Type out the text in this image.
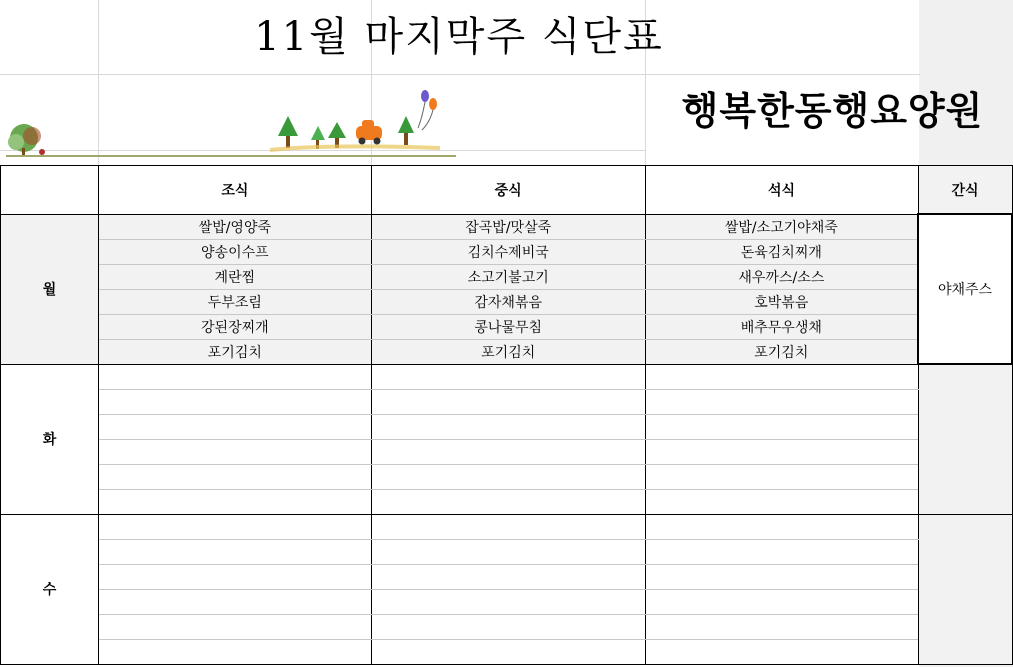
11월 마지막주 식단표
행복한동행요양원
	조식	중식	석식	간식
월	쌀밥/영양죽	잡곡밥/맛살죽	쌀밥/소고기야채죽	야채주스
	양송이수프	김치수제비국	돈육김치찌개	
	계란찜	소고기불고기	새우까스/소스	
	두부조림	감자채볶음	호박볶음	
	강된장찌개	콩나물무침	배추무우생채	
	포기김치	포기김치	포기김치	
화				

수				
